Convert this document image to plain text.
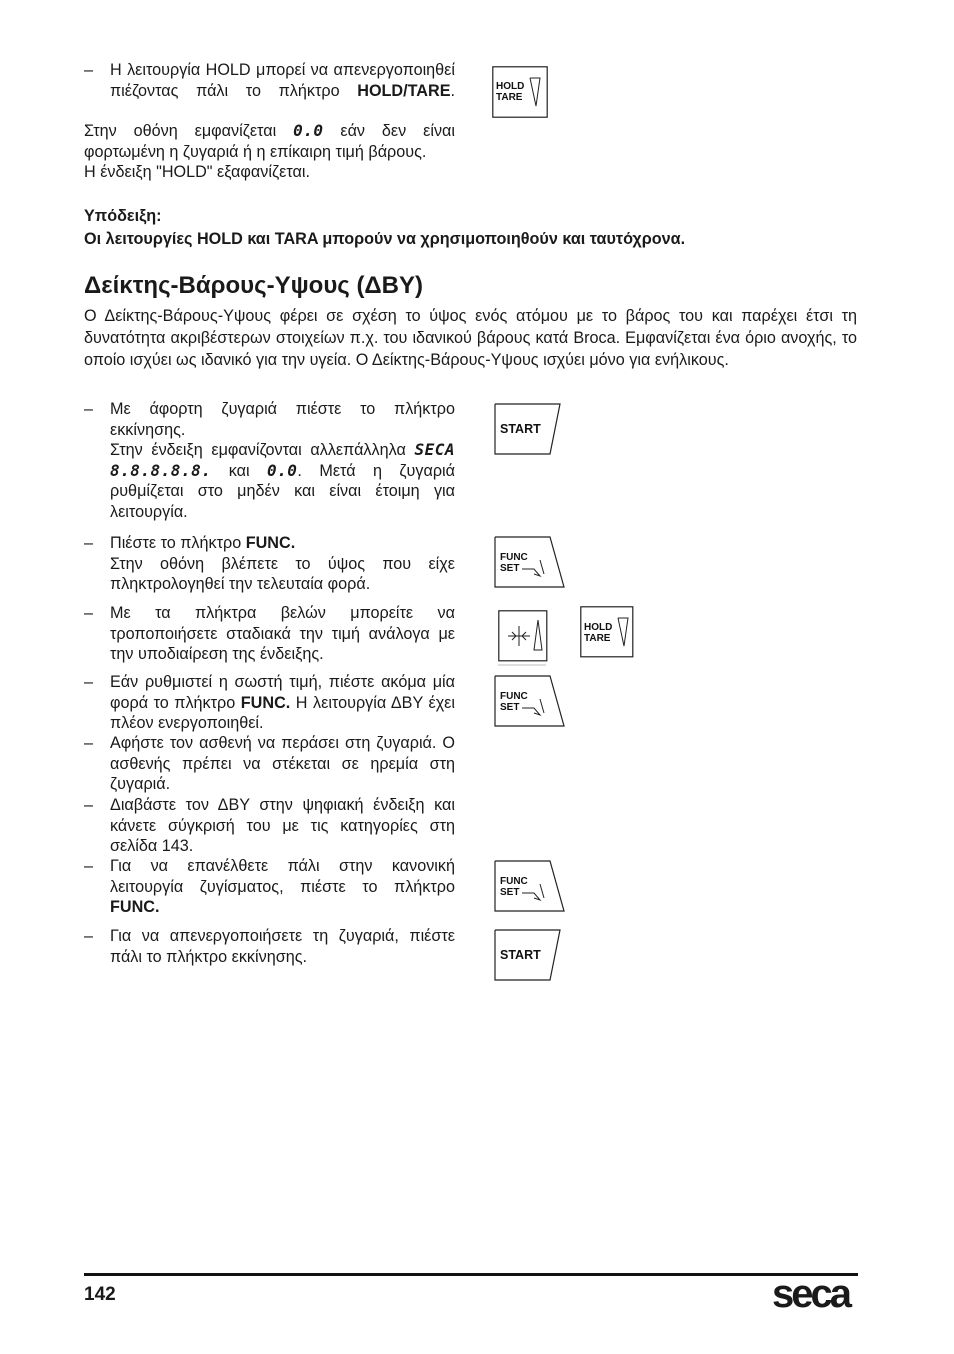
– Η λειτουργία HOLD μπορεί να απενεργοποιηθεί πιέζοντας πάλι το πλήκτρο HOLD/TARE.
Στην οθόνη εμφανίζεται 0.0 εάν δεν είναι φορτωμένη η ζυγαριά ή η επίκαιρη τιμή βάρους.
Η ένδειξη "HOLD" εξαφανίζεται.
HOLD
TARE
Υπόδειξη:
Οι λειτουργίες HOLD και TARA μπορούν να χρησιμοποιηθούν και ταυτόχρονα.
Δείκτης-Βάρους-Υψους (ΔΒΥ)
Ο Δείκτης-Βάρους-Υψους φέρει σε σχέση το ύψος ενός ατόμου με το βάρος του και παρέχει έτσι τη δυνατότητα ακριβέστερων στοιχείων π.χ. του ιδανικού βάρους κατά Broca. Εμφανίζεται ένα όριο ανοχής, το οποίο ισχύει ως ιδανικό για την υγεία. Ο Δείκτης-Βάρους-Υψους ισχύει μόνο για ενήλικους.
– Με άφορτη ζυγαριά πιέστε το πλήκτρο εκκίνησης.
Στην ένδειξη εμφανίζονται αλλεπάλληλα SECA 8.8.8.8.8. και 0.0. Μετά η ζυγαριά ρυθμίζεται στο μηδέν και είναι έτοιμη για λειτουργία.
START
– Πιέστε το πλήκτρο FUNC.
Στην οθόνη βλέπετε το ύψος που είχε πληκτρολογηθεί την τελευταία φορά.
FUNC
SET
– Με τα πλήκτρα βελών μπορείτε να τροποποιήσετε σταδιακά την τιμή ανάλογα με την υποδιαίρεση της ένδειξης.
HOLD
TARE
– Εάν ρυθμιστεί η σωστή τιμή, πιέστε ακόμα μία φορά το πλήκτρο FUNC. Η λειτουργία ΔΒΥ έχει πλέον ενεργοποιηθεί.
FUNC
SET
– Αφήστε τον ασθενή να περάσει στη ζυγαριά. Ο ασθενής πρέπει να στέκεται σε ηρεμία στη ζυγαριά.
– Διαβάστε τον ΔΒΥ στην ψηφιακή ένδειξη και κάνετε σύγκρισή του με τις κατηγορίες στη σελίδα 143.
– Για να επανέλθετε πάλι στην κανονική λειτουργία ζυγίσματος, πιέστε το πλήκτρο FUNC.
FUNC
SET
– Για να απενεργοποιήσετε τη ζυγαριά, πιέστε πάλι το πλήκτρο εκκίνησης.	START
142	seca
